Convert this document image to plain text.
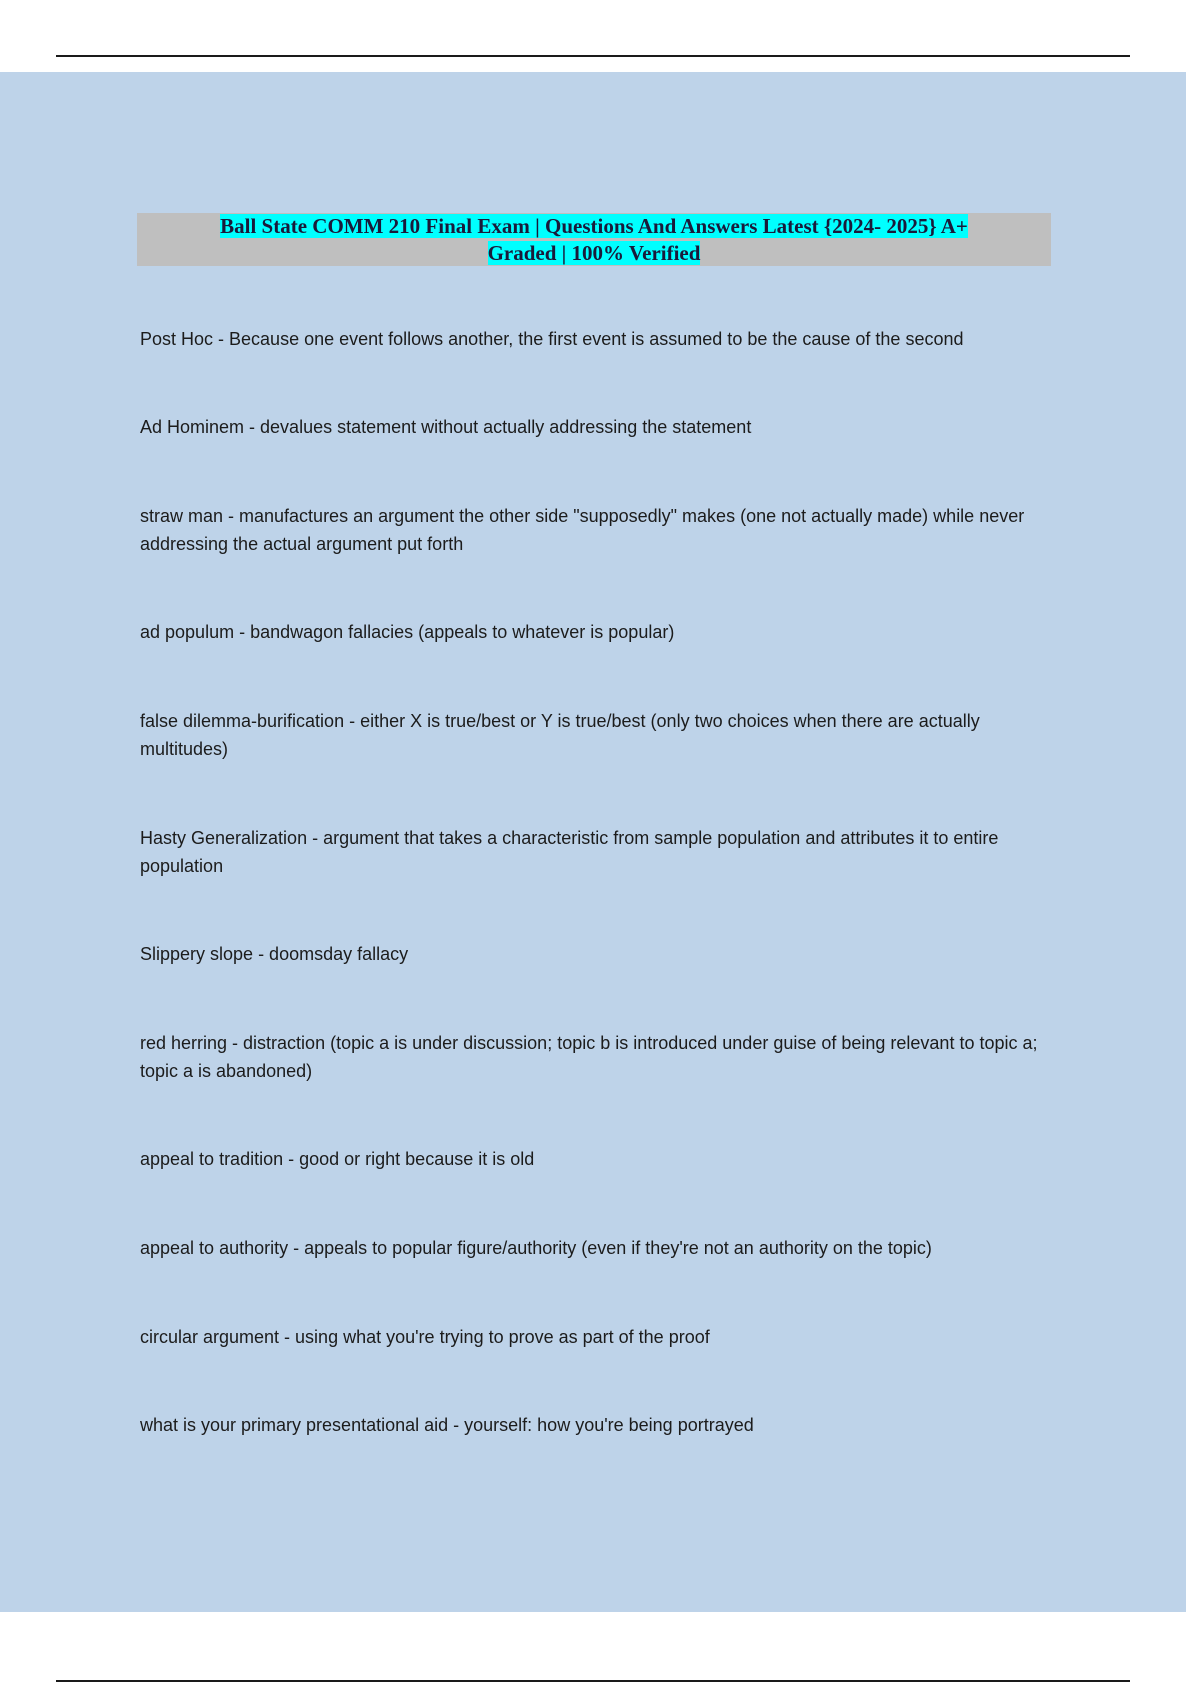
Ball State COMM 210 Final Exam | Questions And Answers Latest {2024- 2025} A+
Graded | 100% Verified
Post Hoc - Because one event follows another, the first event is assumed to be the cause of the second
Ad Hominem - devalues statement without actually addressing the statement
straw man - manufactures an argument the other side "supposedly" makes (one not actually made) while never addressing the actual argument put forth
ad populum - bandwagon fallacies (appeals to whatever is popular)
false dilemma-burification - either X is true/best or Y is true/best (only two choices when there are actually multitudes)
Hasty Generalization - argument that takes a characteristic from sample population and attributes it to entire population
Slippery slope - doomsday fallacy
red herring - distraction (topic a is under discussion; topic b is introduced under guise of being relevant to topic a; topic a is abandoned)
appeal to tradition - good or right because it is old
appeal to authority - appeals to popular figure/authority (even if they're not an authority on the topic)
circular argument - using what you're trying to prove as part of the proof
what is your primary presentational aid - yourself: how you're being portrayed
